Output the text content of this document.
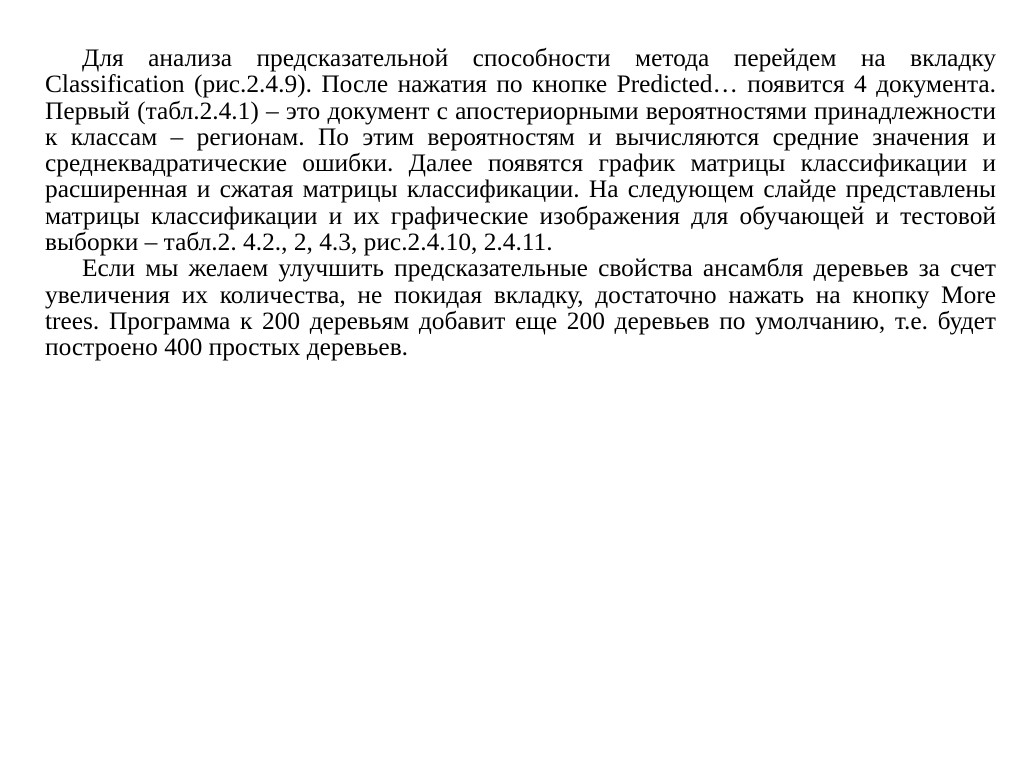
Для анализа предсказательной способности метода перейдем на вкладку Classification (рис.2.4.9). После нажатия по кнопке Predicted… появится 4 документа. Первый (табл.2.4.1) – это документ с апостериорными вероятностями принадлежности к классам – регионам. По этим вероятностям и вычисляются средние значения и среднеквадратические ошибки. Далее появятся график матрицы классификации и расширенная и сжатая матрицы классификации. На следующем слайде представлены матрицы классификации и их графические изображения для обучающей и тестовой выборки – табл.2. 4.2., 2, 4.3, рис.2.4.10, 2.4.11.

Если мы желаем улучшить предсказательные свойства ансамбля деревьев за счет увеличения их количества, не покидая вкладку, достаточно нажать на кнопку More trees. Программа к 200 деревьям добавит еще 200 деревьев по умолчанию, т.е. будет построено 400 простых деревьев.
